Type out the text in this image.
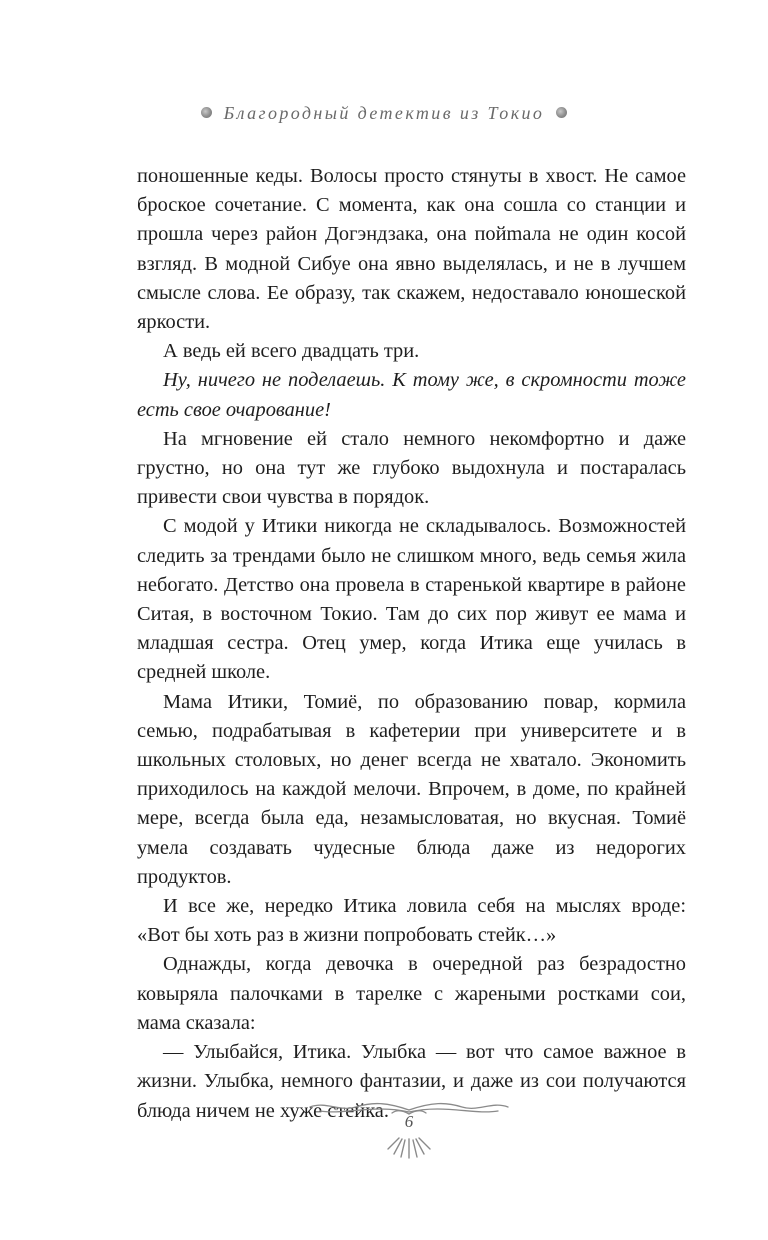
Благородный детектив из Токио

поношенные кеды. Волосы просто стянуты в хвост. Не самое броское сочетание. С момента, как она сошла со станции и прошла через район Догэндзака, она пойmала не один косой взгляд. В модной Сибуе она явно выделялась, и не в лучшем смысле слова. Ее образу, так скажем, недоставало юношеской яркости.

А ведь ей всего двадцать три.

Ну, ничего не поделаешь. К тому же, в скромности тоже есть свое очарование!

На мгновение ей стало немного некомфортно и даже грустно, но она тут же глубоко выдохнула и постаралась привести свои чувства в порядок.

С модой у Итики никогда не складывалось. Возможностей следить за трендами было не слишком много, ведь семья жила небогато. Детство она провела в старенькой квартире в районе Ситая, в восточном Токио. Там до сих пор живут ее мама и младшая сестра. Отец умер, когда Итика еще училась в средней школе.

Мама Итики, Томиё, по образованию повар, кормила семью, подрабатывая в кафетерии при университете и в школьных столовых, но денег всегда не хватало. Экономить приходилось на каждой мелочи. Впрочем, в доме, по крайней мере, всегда была еда, незамысловатая, но вкусная. Томиё умела создавать чудесные блюда даже из недорогих продуктов.

И все же, нередко Итика ловила себя на мыслях вроде: «Вот бы хоть раз в жизни попробовать стейк…»

Однажды, когда девочка в очередной раз безрадостно ковыряла палочками в тарелке с жареными ростками сои, мама сказала:

— Улыбайся, Итика. Улыбка — вот что самое важное в жизни. Улыбка, немного фантазии, и даже из сои получаются блюда ничем не хуже стейка. 6
